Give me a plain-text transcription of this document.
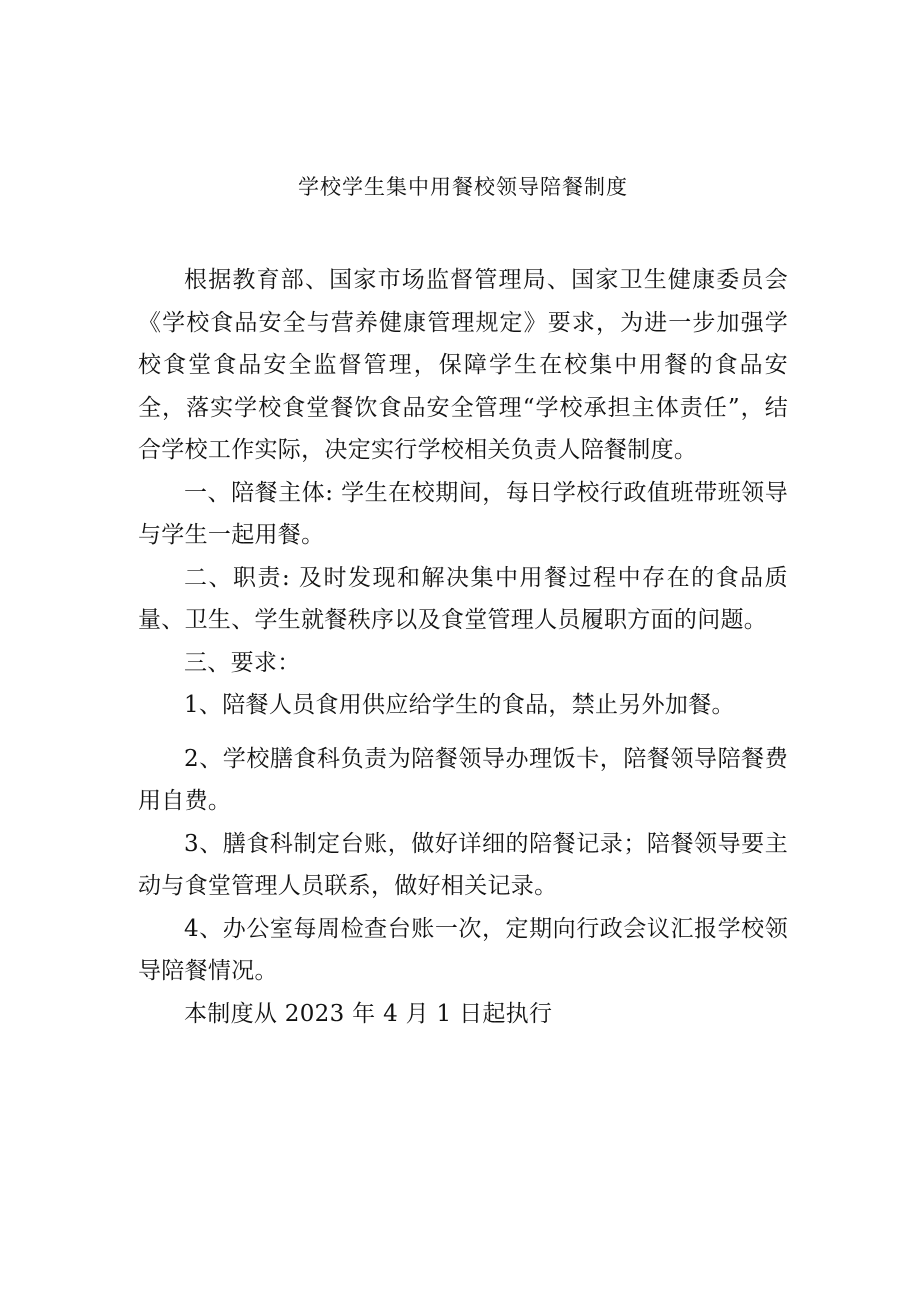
学校学生集中用餐校领导陪餐制度

根据教育部、国家市场监督管理局、国家卫生健康委员会《学校食品安全与营养健康管理规定》要求，为进一步加强学校食堂食品安全监督管理，保障学生在校集中用餐的食品安全，落实学校食堂餐饮食品安全管理“学校承担主体责任”，结合学校工作实际，决定实行学校相关负责人陪餐制度。

一、陪餐主体: 学生在校期间，每日学校行政值班带班领导与学生一起用餐。

二、职责: 及时发现和解决集中用餐过程中存在的食品质量、卫生、学生就餐秩序以及食堂管理人员履职方面的问题。

三、要求：

1、陪餐人员食用供应给学生的食品，禁止另外加餐。

2、学校膳食科负责为陪餐领导办理饭卡，陪餐领导陪餐费用自费。

3、膳食科制定台账，做好详细的陪餐记录；陪餐领导要主动与食堂管理人员联系，做好相关记录。

4、办公室每周检查台账一次，定期向行政会议汇报学校领导陪餐情况。

本制度从 2023 年 4 月 1 日起执行
